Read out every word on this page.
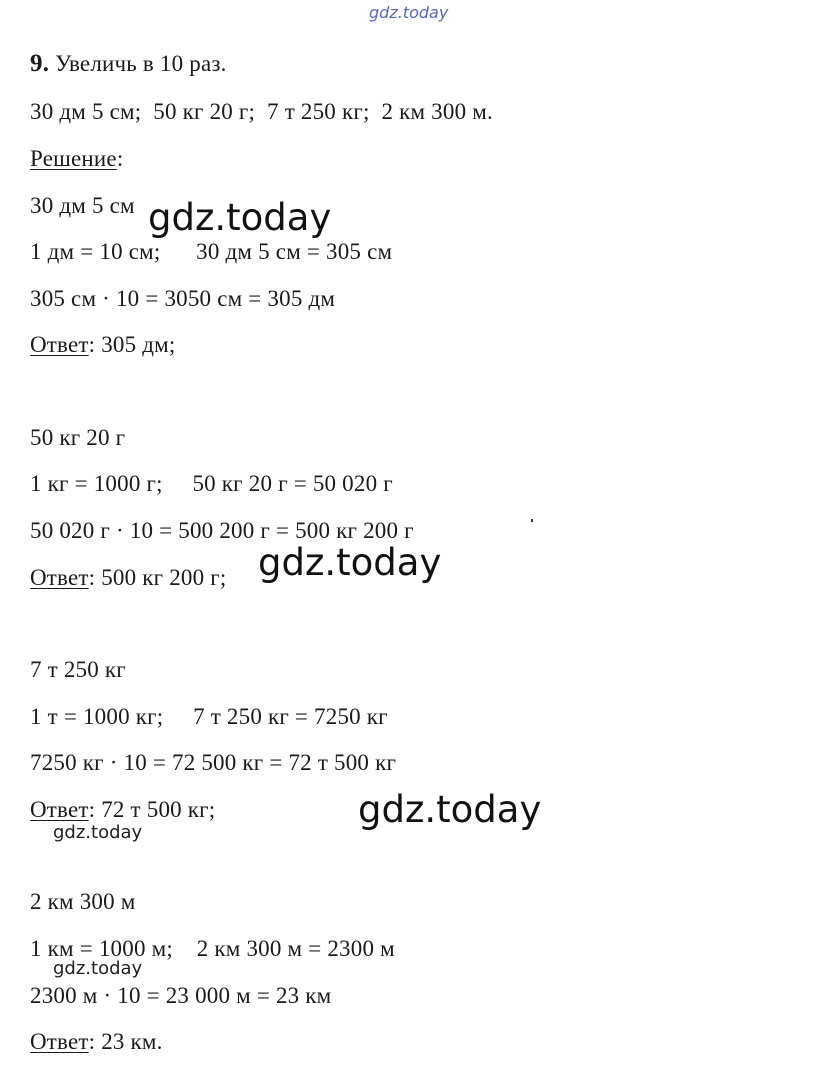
gdz.today
9. Увеличь в 10 раз.
30 дм 5 см;  50 кг 20 г;  7 т 250 кг;  2 км 300 м.
Решение:
30 дм 5 см gdz.today
1 дм = 10 см;      30 дм 5 см = 305 см
305 см · 10 = 3050 см = 305 дм
Ответ: 305 дм;
50 кг 20 г
1 кг = 1000 г;     50 кг 20 г = 50 020 г
50 020 г · 10 = 500 200 г = 500 кг 200 г
Ответ: 500 кг 200 г; gdz.today
7 т 250 кг
1 т = 1000 кг;     7 т 250 кг = 7250 кг
7250 кг · 10 = 72 500 кг = 72 т 500 кг
Ответ: 72 т 500 кг;	gdz.today
gdz.today
2 км 300 м
1 км = 1000 м;    2 км 300 м = 2300 м
gdz.today
2300 м · 10 = 23 000 м = 23 км
Ответ: 23 км.
